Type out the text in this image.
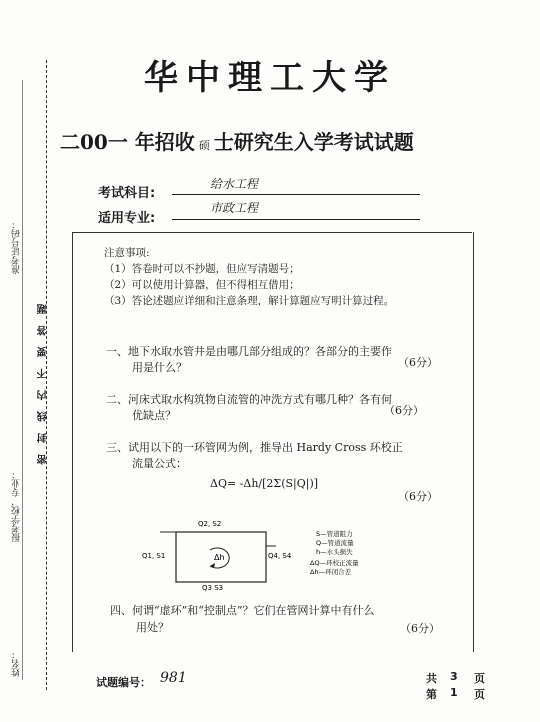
华中理工大学
二00一 年招收 硕 士研究生入学考试试题
考试科目:
给水工程
适用专业:
市政工程
注意事项:
（1）答卷时可以不抄题，但应写清题号；
（2）可以使用计算器，但不得相互借用；
（3）答论述题应详细和注意条理，解计算题应写明计算过程。
一、地下水取水管井是由哪几部分组成的？各部分的主要作
用是什么？	（6分）
二、河床式取水构筑物自流管的冲洗方式有哪几种？各有何
优缺点？	（6分）
三、试用以下的一环管网为例，推导出 Hardy Cross 环校正
流量公式：
ΔQ= -Δh/[2Σ(S|Q|)]
（6分）
Q2, S2
Q1, S1	Q4, S4
Q3 S3
Δh
S—管道阻力
Q—管道流量
h—水头损失
ΔQ—环校正流量
Δh—环闭合差
四、何谓“虚环”和“控制点”？它们在管网计算中有什么
用处？	（6分）
准考证号码：
密 封 线 内 不 要 答 题
报考学校、专业：
姓名：
试题编号： 981	共 3 页
第 1 页
